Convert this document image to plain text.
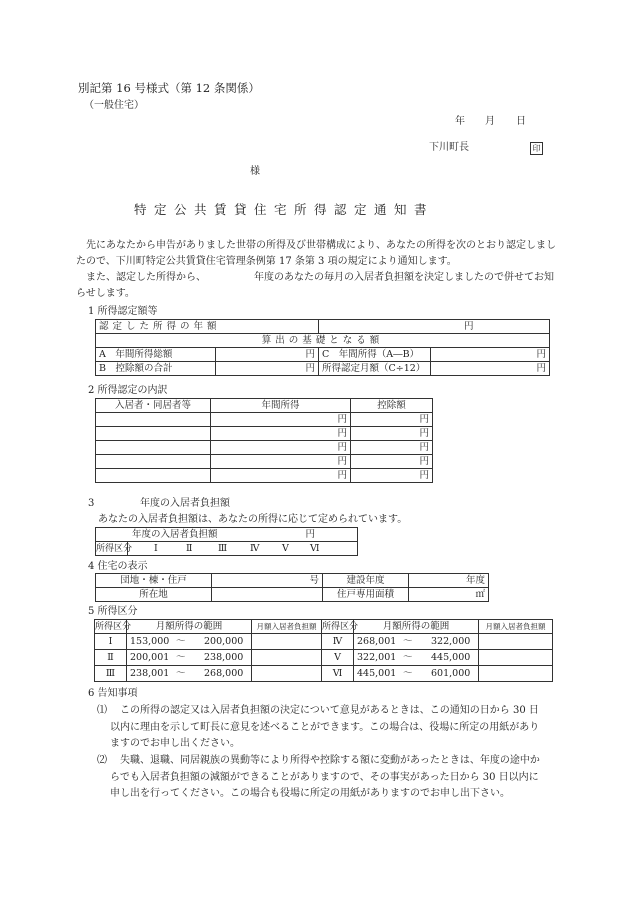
別記第 16 号様式（第 12 条関係）
（一般住宅）
年 月 日
下川町長	印
様
特定公共賃貸住宅所得認定通知書
先にあなたから申告がありました世帯の所得及び世帯構成により、あなたの所得を次のとおり認定しましたので、下川町特定公共賃貸住宅管理条例第 17 条第 3 項の規定により通知します。
また、認定した所得から、	年度のあなたの毎月の入居者負担額を決定しましたので併せてお知らせします。
1 所得認定額等
認定した所得の年額		円	
算出の基礎となる額			
A　年間所得総額	円	C　年間所得（A―B）	円
B　控除額の合計	円	所得認定月額（C÷12）	円
2 所得認定の内訳
入居者・同居者等	年間所得	控除額
	円	円
	円	円
	円	円
	円	円
	円	円
3	年度の入居者負担額
あなたの入居者負担額は、あなたの所得に応じて定められています。
年度の入居者負担額	円
所得区分	Ⅰ	Ⅱ	Ⅲ Ⅳ Ⅴ Ⅵ
4 住宅の表示
団地・棟・住戸	号	建設年度	年度
所在地		住戸専用面積	㎡
5 所得区分
所得区分	月額所得の範囲	月額入居者負担額	所得区分	月額所得の範囲	月額入居者負担額
Ⅰ	153,000 ～ 200,000		Ⅳ	268,001 ～ 322,000	
Ⅱ	200,001 ～ 238,000		Ⅴ	322,001 ～ 445,000	
Ⅲ	238,001 ～ 268,000		Ⅵ	445,001 ～ 601,000	
6 告知事項
⑴	この所得の認定又は入居者負担額の決定について意見があるときは、この通知の日から 30 日以内に理由を示して町長に意見を述べることができます。この場合は、役場に所定の用紙がありますのでお申し出ください。
⑵	失職、退職、同居親族の異動等により所得や控除する額に変動があったときは、年度の途中からでも入居者負担額の減額ができることがありますので、その事実があった日から 30 日以内に申し出を行ってください。この場合も役場に所定の用紙がありますのでお申し出下さい。
